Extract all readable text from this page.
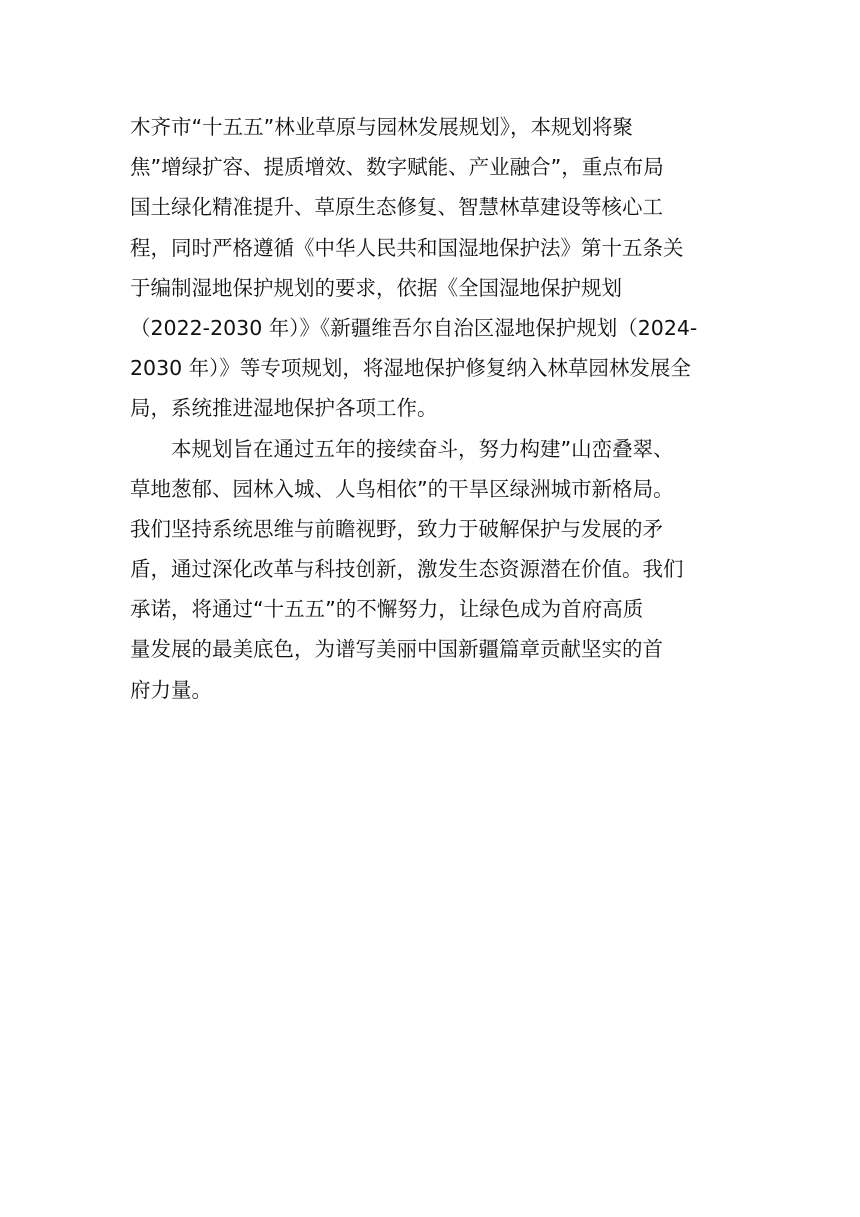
木齐市“十五五”林业草原与园林发展规划》，本规划将聚
焦”增绿扩容、提质增效、数字赋能、产业融合”，重点布局
国土绿化精准提升、草原生态修复、智慧林草建设等核心工
程，同时严格遵循《中华人民共和国湿地保护法》第十五条关
于编制湿地保护规划的要求，依据《全国湿地保护规划
（2022-2030 年）》《新疆维吾尔自治区湿地保护规划（2024-
2030 年）》等专项规划，将湿地保护修复纳入林草园林发展全
局，系统推进湿地保护各项工作。
　　本规划旨在通过五年的接续奋斗，努力构建”山峦叠翠、
草地葱郁、园林入城、人鸟相依”的干旱区绿洲城市新格局。
我们坚持系统思维与前瞻视野，致力于破解保护与发展的矛
盾，通过深化改革与科技创新，激发生态资源潜在价值。我们
承诺，将通过“十五五”的不懈努力，让绿色成为首府高质
量发展的最美底色，为谱写美丽中国新疆篇章贡献坚实的首
府力量。
